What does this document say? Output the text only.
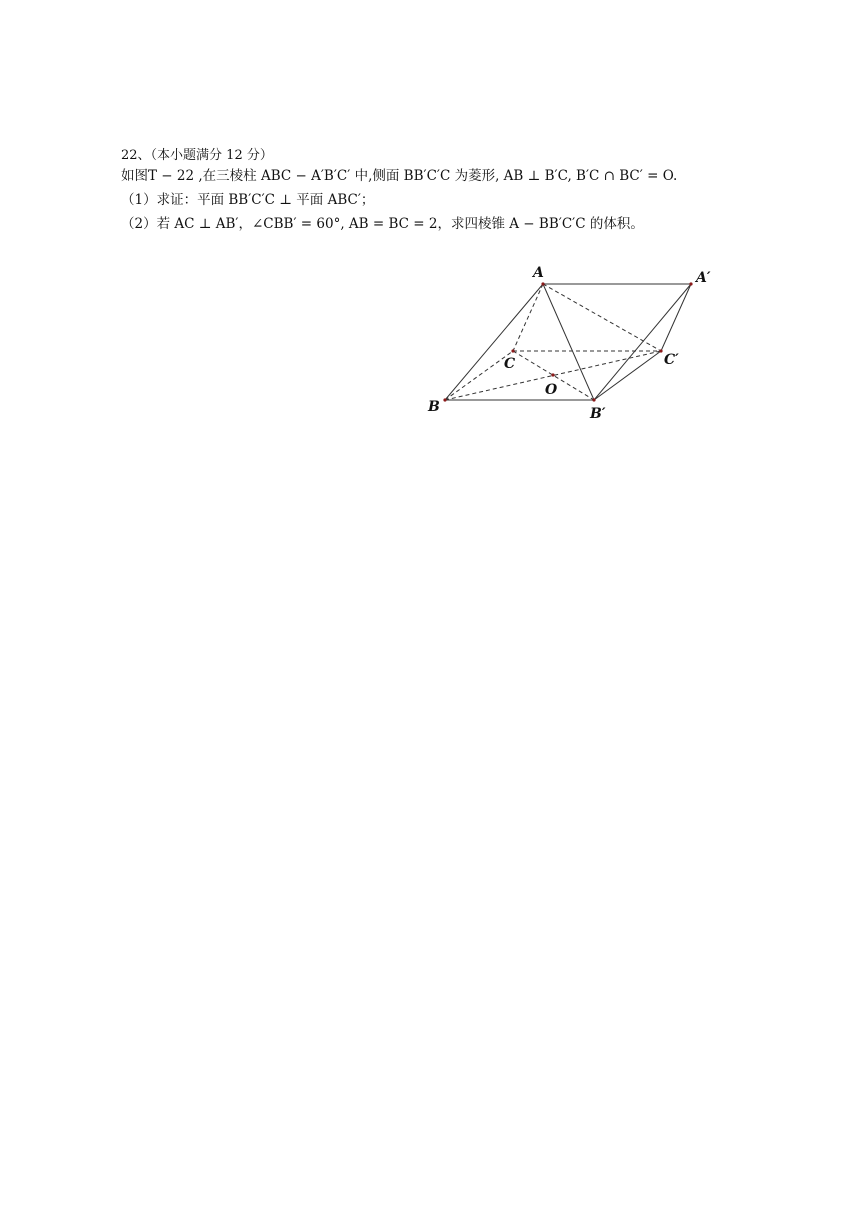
22、（本小题满分 12 分）
如图T − 22 ,在三棱柱 ABC − A′B′C′ 中,侧面 BB′C′C 为菱形, AB ⊥ B′C, B′C ∩ BC′ = O.
（1）求证：平面 BB′C′C ⊥ 平面 ABC′；
（2）若 AC ⊥ AB′，∠CBB′ = 60°, AB = BC = 2，求四棱锥 A − BB′C′C 的体积。
A	A′
B	B′
C	C′
O
